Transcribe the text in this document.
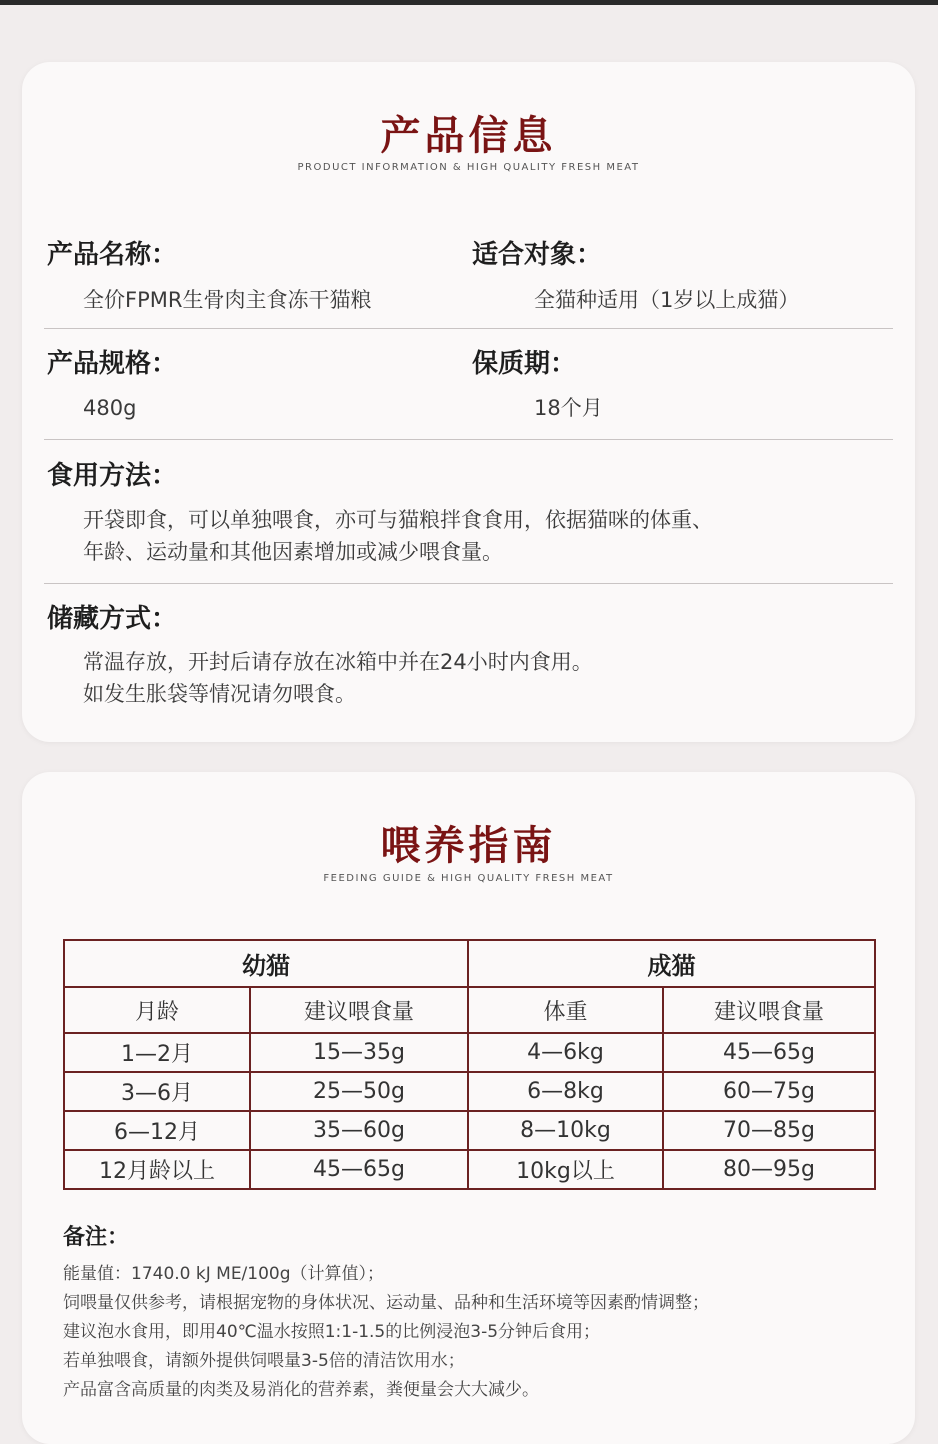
产品信息
PRODUCT INFORMATION & HIGH QUALITY FRESH MEAT
产品名称：
全价FPMR生骨肉主食冻干猫粮
适合对象：
全猫种适用（1岁以上成猫）
产品规格：
480g
保质期：
18个月
食用方法：
开袋即食，可以单独喂食，亦可与猫粮拌食食用，依据猫咪的体重、
年龄、运动量和其他因素增加或减少喂食量。
储藏方式：
常温存放，开封后请存放在冰箱中并在24小时内食用。
如发生胀袋等情况请勿喂食。
喂养指南
FEEDING GUIDE & HIGH QUALITY FRESH MEAT
幼猫		成猫	
月龄	建议喂食量	体重	建议喂食量
1—2月	15—35g	4—6kg	45—65g
3—6月	25—50g	6—8kg	60—75g
6—12月	35—60g	8—10kg	70—85g
12月龄以上	45—65g	10kg以上	80—95g
备注：
能量值：1740.0 kJ ME/100g（计算值）；
饲喂量仅供参考，请根据宠物的身体状况、运动量、品种和生活环境等因素酌情调整；
建议泡水食用，即用40℃温水按照1:1-1.5的比例浸泡3-5分钟后食用；
若单独喂食，请额外提供饲喂量3-5倍的清洁饮用水；
产品富含高质量的肉类及易消化的营养素，粪便量会大大减少。
